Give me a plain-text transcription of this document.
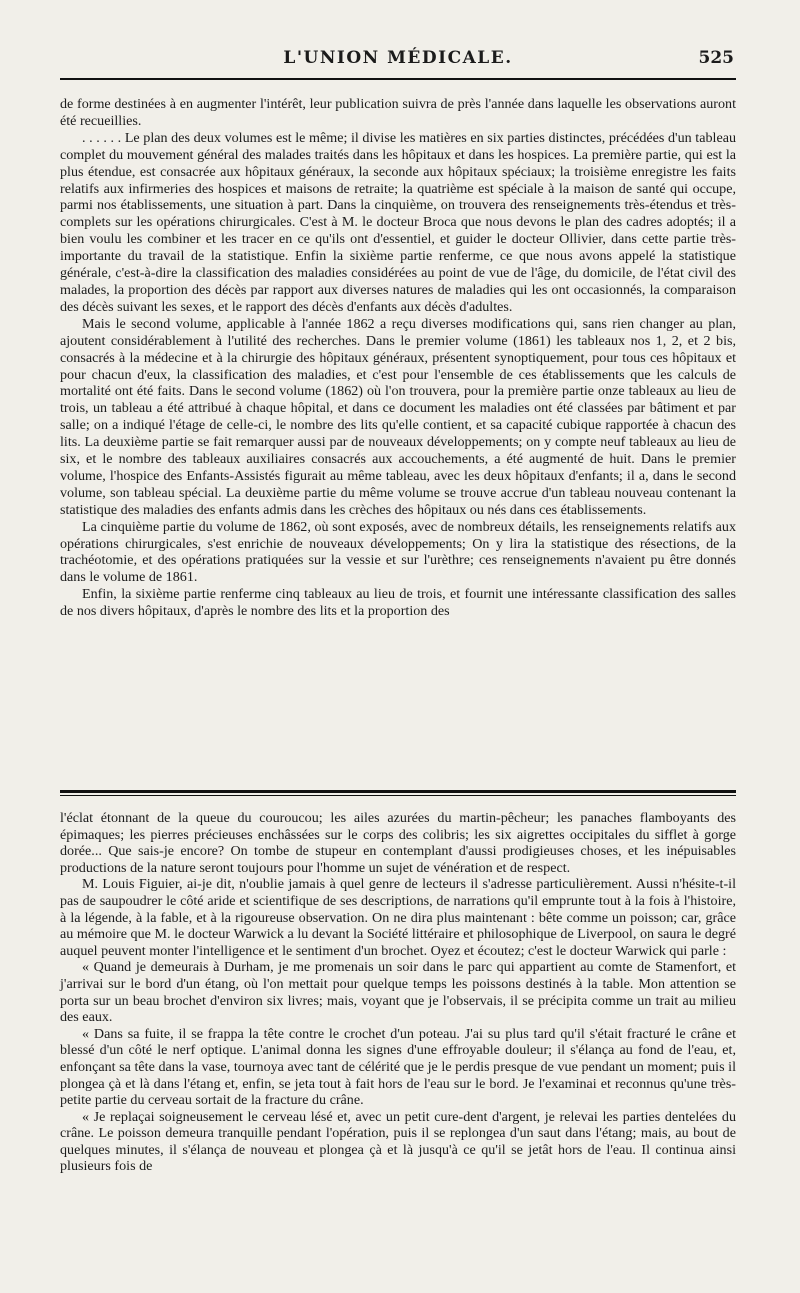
L'UNION MÉDICALE.	525

de forme destinées à en augmenter l'intérêt, leur publication suivra de près l'année dans laquelle les observations auront été recueillies.

. . . . . . Le plan des deux volumes est le même; il divise les matières en six parties distinctes, précédées d'un tableau complet du mouvement général des malades traités dans les hôpitaux et dans les hospices. La première partie, qui est la plus étendue, est consacrée aux hôpitaux généraux, la seconde aux hôpitaux spéciaux; la troisième enregistre les faits relatifs aux infirmeries des hospices et maisons de retraite; la quatrième est spéciale à la maison de santé qui occupe, parmi nos établissements, une situation à part. Dans la cinquième, on trouvera des renseignements très-étendus et très-complets sur les opérations chirurgicales. C'est à M. le docteur Broca que nous devons le plan des cadres adoptés; il a bien voulu les combiner et les tracer en ce qu'ils ont d'essentiel, et guider le docteur Ollivier, dans cette partie très-importante du travail de la statistique. Enfin la sixième partie renferme, ce que nous avons appelé la statistique générale, c'est-à-dire la classification des maladies considérées au point de vue de l'âge, du domicile, de l'état civil des malades, la proportion des décès par rapport aux diverses natures de maladies qui les ont occasionnés, la comparaison des décès suivant les sexes, et le rapport des décès d'enfants aux décès d'adultes.

Mais le second volume, applicable à l'année 1862 a reçu diverses modifications qui, sans rien changer au plan, ajoutent considérablement à l'utilité des recherches. Dans le premier volume (1861) les tableaux nos 1, 2, et 2 bis, consacrés à la médecine et à la chirurgie des hôpitaux généraux, présentent synoptiquement, pour tous ces hôpitaux et pour chacun d'eux, la classification des maladies, et c'est pour l'ensemble de ces établissements que les calculs de mortalité ont été faits. Dans le second volume (1862) où l'on trouvera, pour la première partie onze tableaux au lieu de trois, un tableau a été attribué à chaque hôpital, et dans ce document les maladies ont été classées par bâtiment et par salle; on a indiqué l'étage de celle-ci, le nombre des lits qu'elle contient, et sa capacité cubique rapportée à chacun des lits. La deuxième partie se fait remarquer aussi par de nouveaux développements; on y compte neuf tableaux au lieu de six, et le nombre des tableaux auxiliaires consacrés aux accouchements, a été augmenté de huit. Dans le premier volume, l'hospice des Enfants-Assistés figurait au même tableau, avec les deux hôpitaux d'enfants; il a, dans le second volume, son tableau spécial. La deuxième partie du même volume se trouve accrue d'un tableau nouveau contenant la statistique des maladies des enfants admis dans les crèches des hôpitaux ou nés dans ces établissements.

La cinquième partie du volume de 1862, où sont exposés, avec de nombreux détails, les renseignements relatifs aux opérations chirurgicales, s'est enrichie de nouveaux développements; On y lira la statistique des résections, de la trachéotomie, et des opérations pratiquées sur la vessie et sur l'urèthre; ces renseignements n'avaient pu être donnés dans le volume de 1861.

Enfin, la sixième partie renferme cinq tableaux au lieu de trois, et fournit une intéressante classification des salles de nos divers hôpitaux, d'après le nombre des lits et la proportion des

l'éclat étonnant de la queue du couroucou; les ailes azurées du martin-pêcheur; les panaches flamboyants des épimaques; les pierres précieuses enchâssées sur le corps des colibris; les six aigrettes occipitales du sifflet à gorge dorée... Que sais-je encore? On tombe de stupeur en contemplant d'aussi prodigieuses choses, et les inépuisables productions de la nature seront toujours pour l'homme un sujet de vénération et de respect.

M. Louis Figuier, ai-je dit, n'oublie jamais à quel genre de lecteurs il s'adresse particulièrement. Aussi n'hésite-t-il pas de saupoudrer le côté aride et scientifique de ses descriptions, de narrations qu'il emprunte tout à la fois à l'histoire, à la légende, à la fable, et à la rigoureuse observation. On ne dira plus maintenant : bête comme un poisson; car, grâce au mémoire que M. le docteur Warwick a lu devant la Société littéraire et philosophique de Liverpool, on saura le degré auquel peuvent monter l'intelligence et le sentiment d'un brochet. Oyez et écoutez; c'est le docteur Warwick qui parle :

« Quand je demeurais à Durham, je me promenais un soir dans le parc qui appartient au comte de Stamenfort, et j'arrivai sur le bord d'un étang, où l'on mettait pour quelque temps les poissons destinés à la table. Mon attention se porta sur un beau brochet d'environ six livres; mais, voyant que je l'observais, il se précipita comme un trait au milieu des eaux.

« Dans sa fuite, il se frappa la tête contre le crochet d'un poteau. J'ai su plus tard qu'il s'était fracturé le crâne et blessé d'un côté le nerf optique. L'animal donna les signes d'une effroyable douleur; il s'élança au fond de l'eau, et, enfonçant sa tête dans la vase, tournoya avec tant de célérité que je le perdis presque de vue pendant un moment; puis il plongea çà et là dans l'étang et, enfin, se jeta tout à fait hors de l'eau sur le bord. Je l'examinai et reconnus qu'une très-petite partie du cerveau sortait de la fracture du crâne.

« Je replaçai soigneusement le cerveau lésé et, avec un petit cure-dent d'argent, je relevai les parties dentelées du crâne. Le poisson demeura tranquille pendant l'opération, puis il se replongea d'un saut dans l'étang; mais, au bout de quelques minutes, il s'élança de nouveau et plongea çà et là jusqu'à ce qu'il se jetât hors de l'eau. Il continua ainsi plusieurs fois de
